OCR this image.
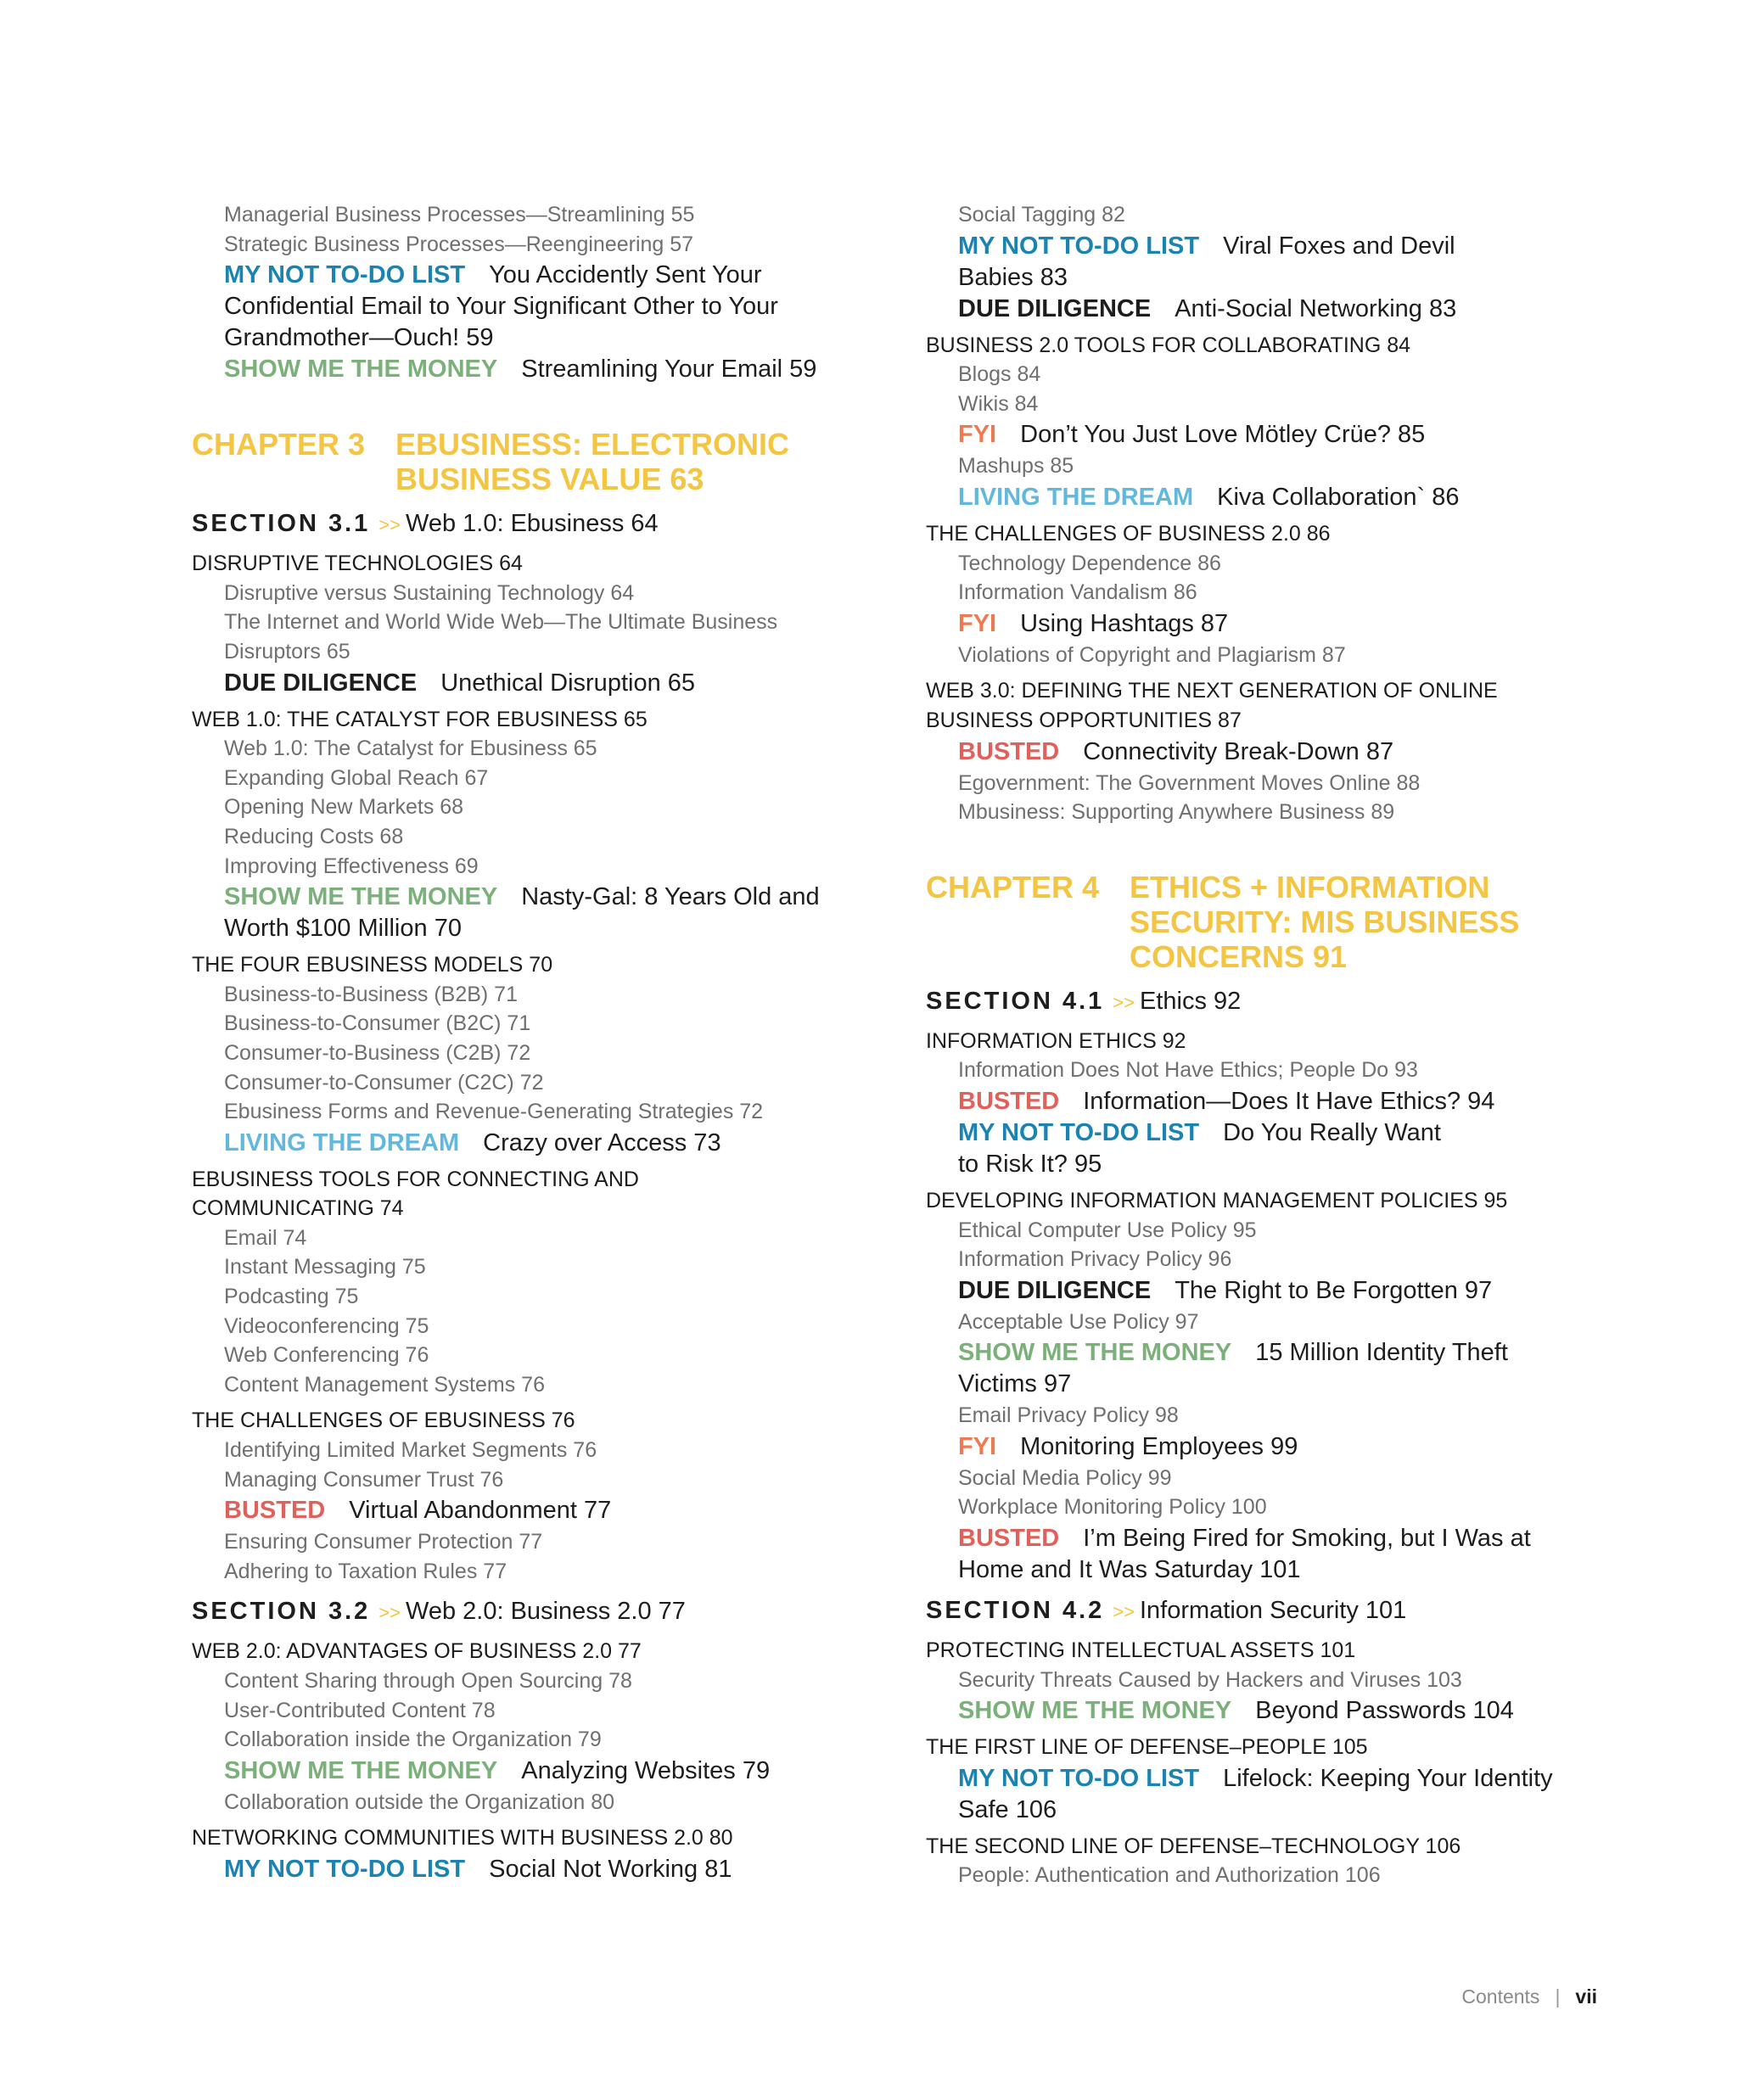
Managerial Business Processes—Streamlining 55
Strategic Business Processes—Reengineering 57
MY NOT TO-DO LIST You Accidently Sent Your
Confidential Email to Your Significant Other to Your
Grandmother—Ouch! 59
SHOW ME THE MONEY Streamlining Your Email 59
CHAPTER 3 EBUSINESS: ELECTRONIC
BUSINESS VALUE 63
SECTION 3.1 >> Web 1.0: Ebusiness 64
DISRUPTIVE TECHNOLOGIES 64
Disruptive versus Sustaining Technology 64
The Internet and World Wide Web—The Ultimate Business
Disruptors 65
DUE DILIGENCE Unethical Disruption 65
WEB 1.0: THE CATALYST FOR EBUSINESS 65
Web 1.0: The Catalyst for Ebusiness 65
Expanding Global Reach 67
Opening New Markets 68
Reducing Costs 68
Improving Effectiveness 69
SHOW ME THE MONEY Nasty-Gal: 8 Years Old and
Worth $100 Million 70
THE FOUR EBUSINESS MODELS 70
Business-to-Business (B2B) 71
Business-to-Consumer (B2C) 71
Consumer-to-Business (C2B) 72
Consumer-to-Consumer (C2C) 72
Ebusiness Forms and Revenue-Generating Strategies 72
LIVING THE DREAM Crazy over Access 73
EBUSINESS TOOLS FOR CONNECTING AND
COMMUNICATING 74
Email 74
Instant Messaging 75
Podcasting 75
Videoconferencing 75
Web Conferencing 76
Content Management Systems 76
THE CHALLENGES OF EBUSINESS 76
Identifying Limited Market Segments 76
Managing Consumer Trust 76
BUSTED Virtual Abandonment 77
Ensuring Consumer Protection 77
Adhering to Taxation Rules 77
SECTION 3.2 >> Web 2.0: Business 2.0 77
WEB 2.0: ADVANTAGES OF BUSINESS 2.0 77
Content Sharing through Open Sourcing 78
User-Contributed Content 78
Collaboration inside the Organization 79
SHOW ME THE MONEY Analyzing Websites 79
Collaboration outside the Organization 80
NETWORKING COMMUNITIES WITH BUSINESS 2.0 80
MY NOT TO-DO LIST Social Not Working 81
Social Tagging 82
MY NOT TO-DO LIST Viral Foxes and Devil
Babies 83
DUE DILIGENCE Anti-Social Networking 83
BUSINESS 2.0 TOOLS FOR COLLABORATING 84
Blogs 84
Wikis 84
FYI Don’t You Just Love Mötley Crüe? 85
Mashups 85
LIVING THE DREAM Kiva Collaboration` 86
THE CHALLENGES OF BUSINESS 2.0 86
Technology Dependence 86
Information Vandalism 86
FYI Using Hashtags 87
Violations of Copyright and Plagiarism 87
WEB 3.0: DEFINING THE NEXT GENERATION OF ONLINE
BUSINESS OPPORTUNITIES 87
BUSTED Connectivity Break-Down 87
Egovernment: The Government Moves Online 88
Mbusiness: Supporting Anywhere Business 89
CHAPTER 4 ETHICS + INFORMATION
SECURITY: MIS BUSINESS
CONCERNS 91
SECTION 4.1 >> Ethics 92
INFORMATION ETHICS 92
Information Does Not Have Ethics; People Do 93
BUSTED Information—Does It Have Ethics? 94
MY NOT TO-DO LIST Do You Really Want
to Risk It? 95
DEVELOPING INFORMATION MANAGEMENT POLICIES 95
Ethical Computer Use Policy 95
Information Privacy Policy 96
DUE DILIGENCE The Right to Be Forgotten 97
Acceptable Use Policy 97
SHOW ME THE MONEY 15 Million Identity Theft
Victims 97
Email Privacy Policy 98
FYI Monitoring Employees 99
Social Media Policy 99
Workplace Monitoring Policy 100
BUSTED I’m Being Fired for Smoking, but I Was at
Home and It Was Saturday 101
SECTION 4.2 >> Information Security 101
PROTECTING INTELLECTUAL ASSETS 101
Security Threats Caused by Hackers and Viruses 103
SHOW ME THE MONEY Beyond Passwords 104
THE FIRST LINE OF DEFENSE–PEOPLE 105
MY NOT TO-DO LIST Lifelock: Keeping Your Identity
Safe 106
THE SECOND LINE OF DEFENSE–TECHNOLOGY 106
People: Authentication and Authorization 106
Contents | vii
